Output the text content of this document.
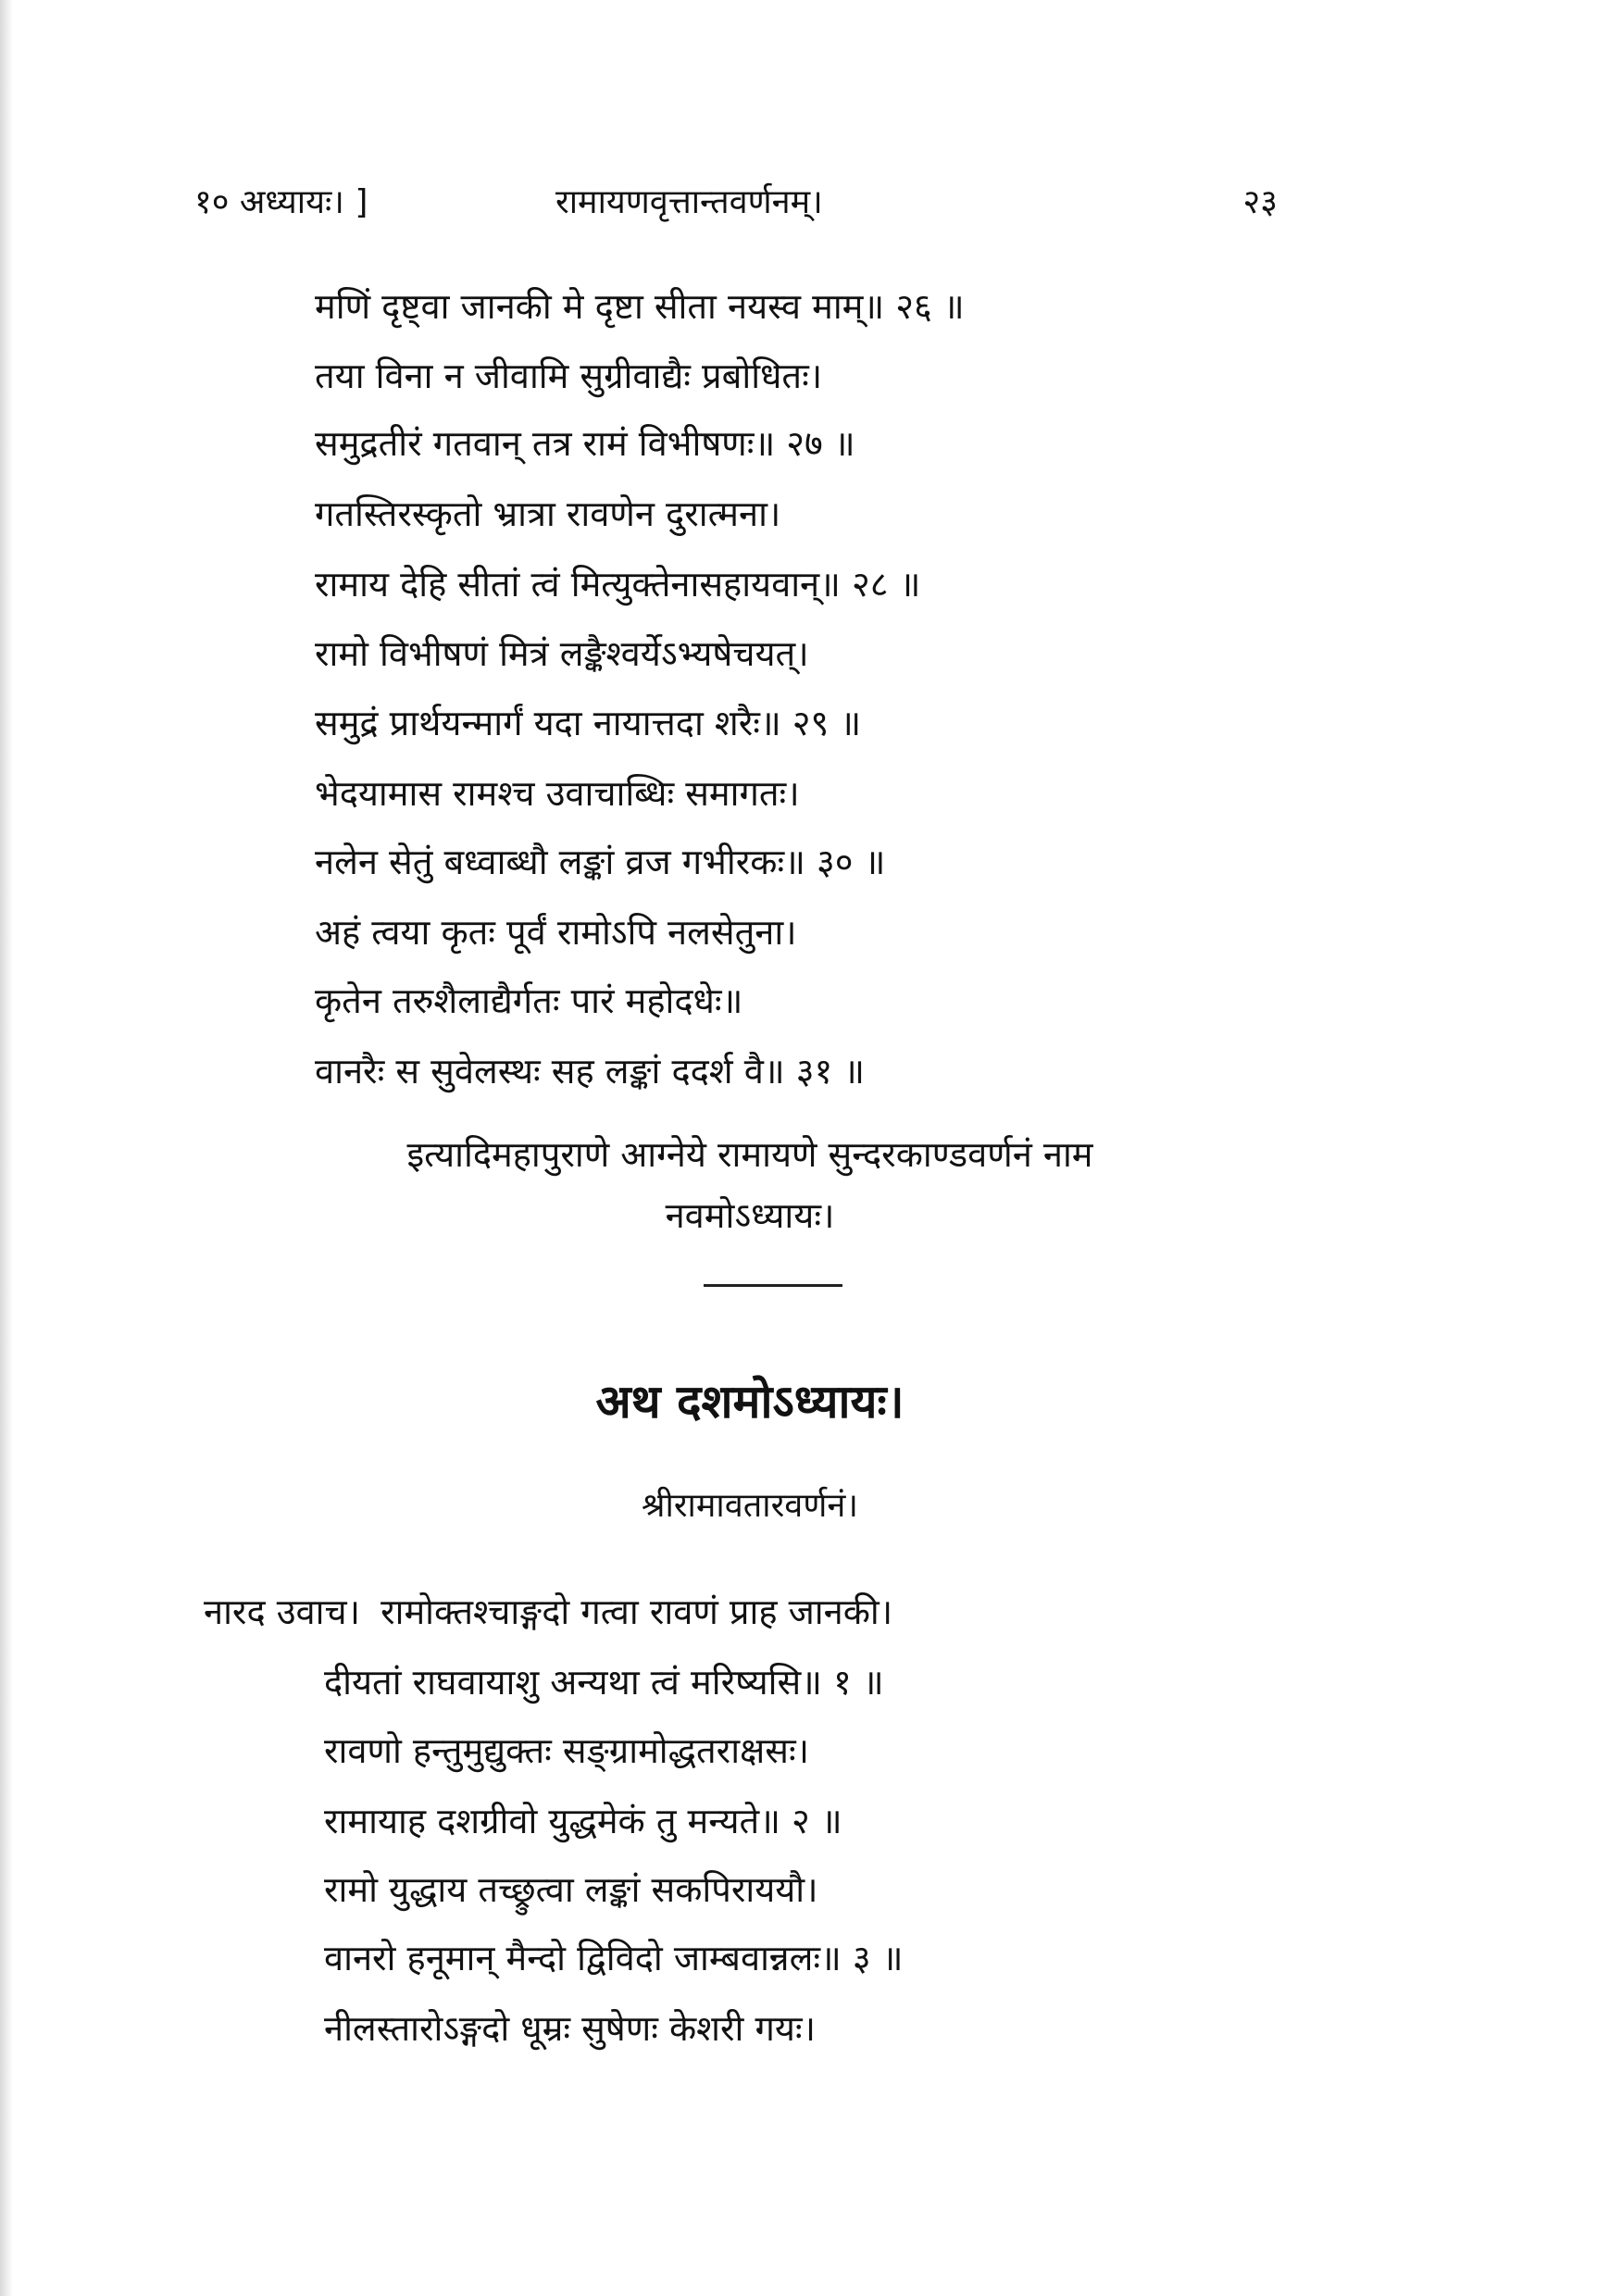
१० अध्यायः। ]	रामायणवृत्तान्तवर्णनम्।	२३
मणिं दृष्ट्वा जानकी मे दृष्टा सीता नयस्व माम्॥ २६ ॥
तया विना न जीवामि सुग्रीवाद्यैः प्रबोधितः।
समुद्रतीरं गतवान् तत्र रामं विभीषणः॥ २७ ॥
गतस्तिरस्कृतो भ्रात्रा रावणेन दुरात्मना।
रामाय देहि सीतां त्वं मित्युक्तेनासहायवान्॥ २८ ॥
रामो विभीषणं मित्रं लङ्कैश्वर्येऽभ्यषेचयत्।
समुद्रं प्रार्थयन्मार्गं यदा नायात्तदा शरैः॥ २९ ॥
भेदयामास रामश्च उवाचाब्धिः समागतः।
नलेन सेतुं बध्वाब्धौ लङ्कां व्रज गभीरकः॥ ३० ॥
अहं त्वया कृतः पूर्वं रामोऽपि नलसेतुना।
कृतेन तरुशैलाद्यैर्गतः पारं महोदधेः॥
वानरैः स सुवेलस्थः सह लङ्कां ददर्श वै॥ ३१ ॥
इत्यादिमहापुराणे आग्नेये रामायणे सुन्दरकाण्डवर्णनं नाम
नवमोऽध्यायः।
अथ दशमोऽध्यायः।
श्रीरामावतारवर्णनं।
नारद उवाच। रामोक्तश्चाङ्गदो गत्वा रावणं प्राह जानकी।
दीयतां राघवायाशु अन्यथा त्वं मरिष्यसि॥ १ ॥
रावणो हन्तुमुद्युक्तः सङ्ग्रामोद्धतराक्षसः।
रामायाह दशग्रीवो युद्धमेकं तु मन्यते॥ २ ॥
रामो युद्धाय तच्छ्रुत्वा लङ्कां सकपिराययौ।
वानरो हनूमान् मैन्दो द्विविदो जाम्बवान्नलः॥ ३ ॥
नीलस्तारोऽङ्गदो धूम्रः सुषेणः केशरी गयः।
